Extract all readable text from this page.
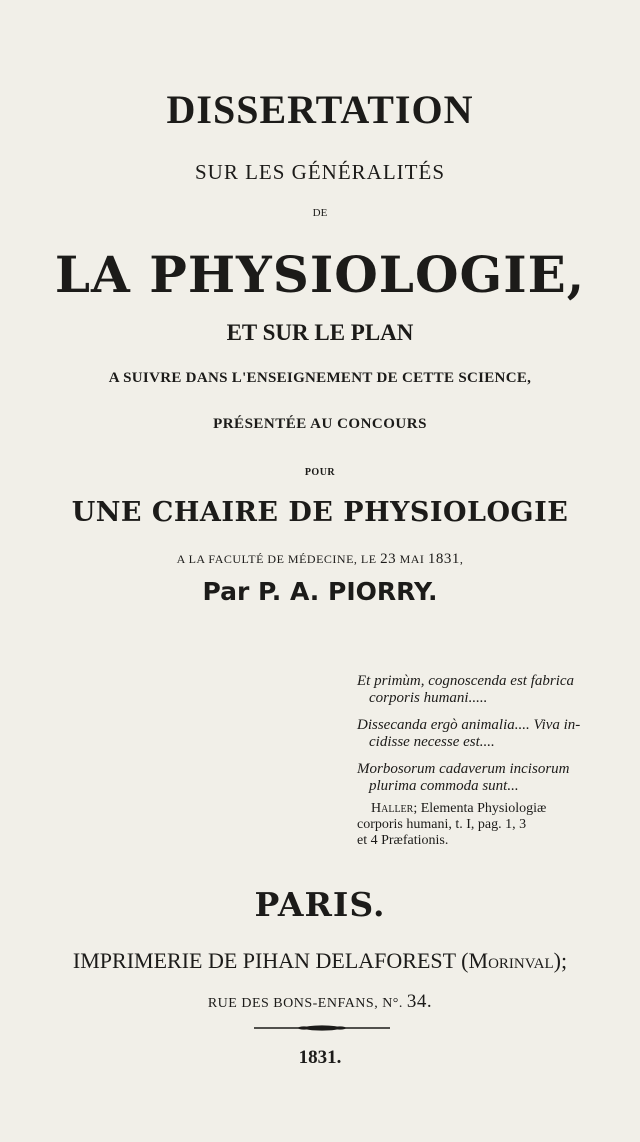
DISSERTATION
SUR LES GÉNÉRALITÉS
DE
LA PHYSIOLOGIE,
ET SUR LE PLAN
A SUIVRE DANS L'ENSEIGNEMENT DE CETTE SCIENCE,
PRÉSENTÉE AU CONCOURS
POUR
UNE CHAIRE DE PHYSIOLOGIE
A LA FACULTÉ DE MÉDECINE, LE 23 MAI 1831,
Par P. A. PIORRY.
Et primùm, cognoscenda est fabrica
corporis humani.....
Dissecanda ergò animalia.... Viva in-
cidisse necesse est....
Morbosorum cadaverum incisorum
plurima commoda sunt...
Haller; Elementa Physiologiæ
corporis humani, t. I, pag. 1, 3
et 4 Præfationis.
PARIS.
IMPRIMERIE DE PIHAN DELAFOREST (Morinval);
RUE DES BONS-ENFANS, N°. 34.
1831.
